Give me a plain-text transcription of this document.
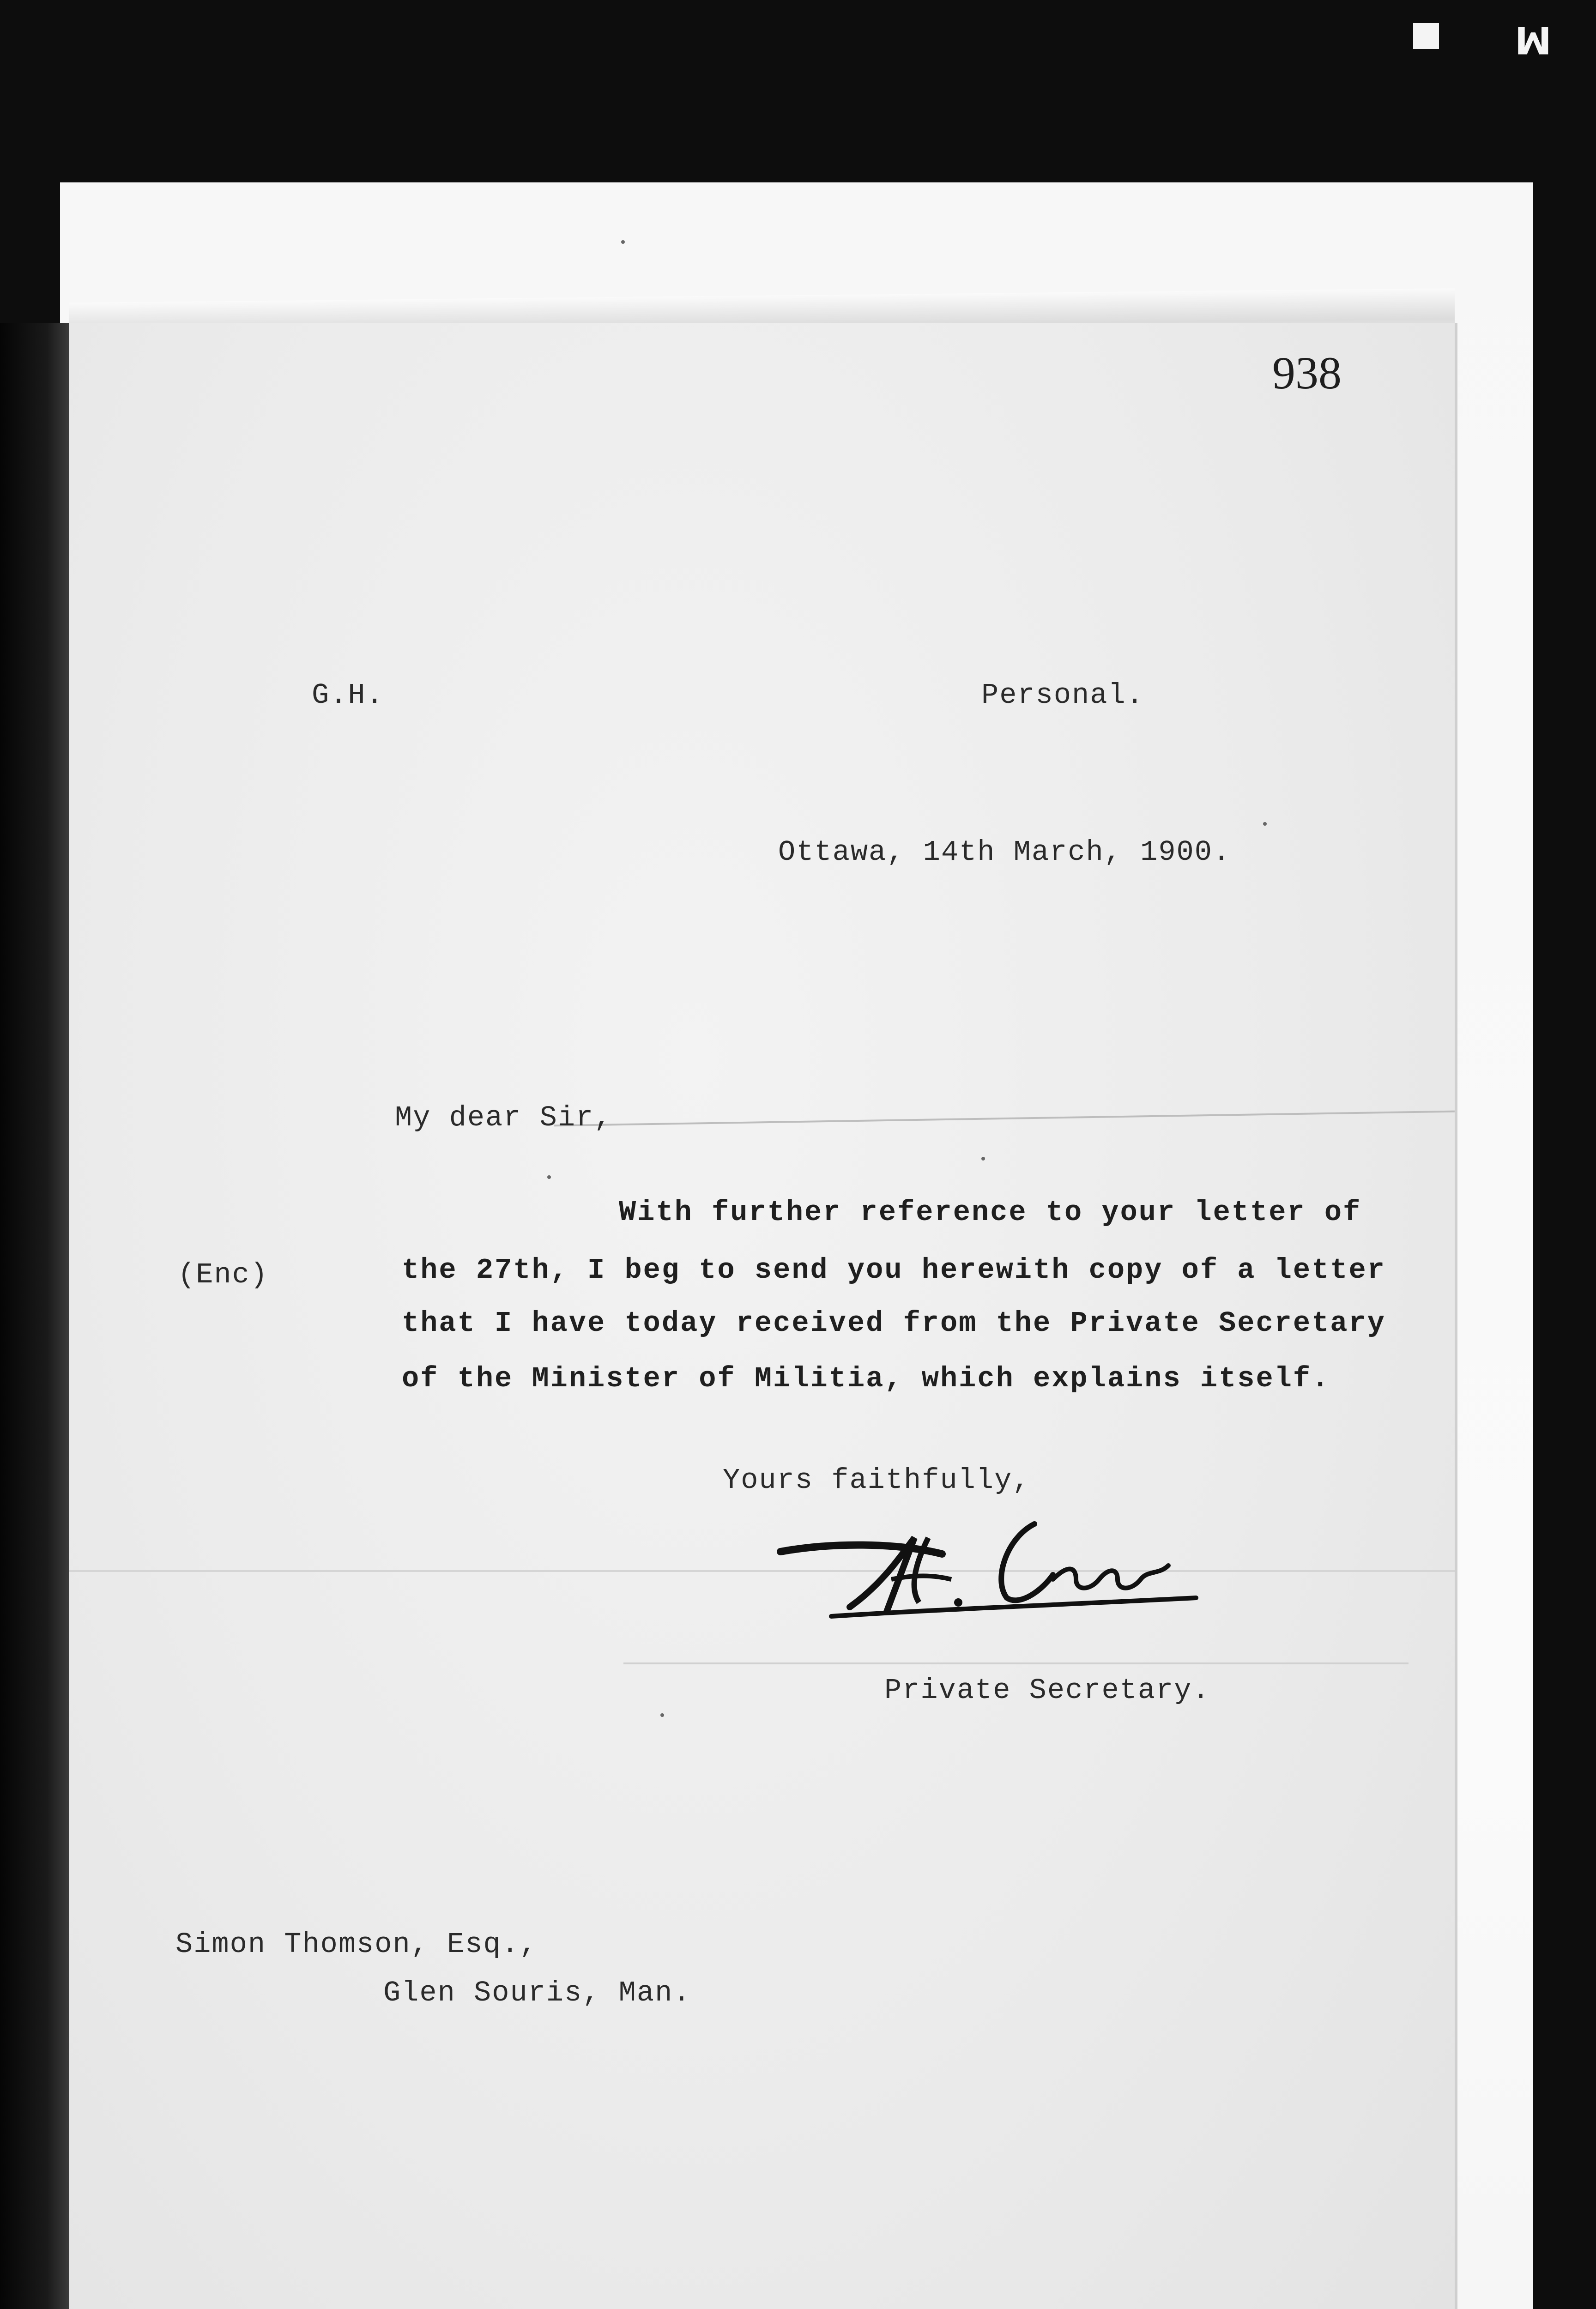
M
938
G.H.	Personal.
Ottawa, 14th March, 1900.
My dear Sir,
(Enc)
With further reference to your letter of
the 27th, I beg to send you herewith copy of a letter
that I have today received from the Private Secretary
of the Minister of Militia, which explains itself.
Yours faithfully,
Private Secretary.
Simon Thomson, Esq.,
Glen Souris, Man.
